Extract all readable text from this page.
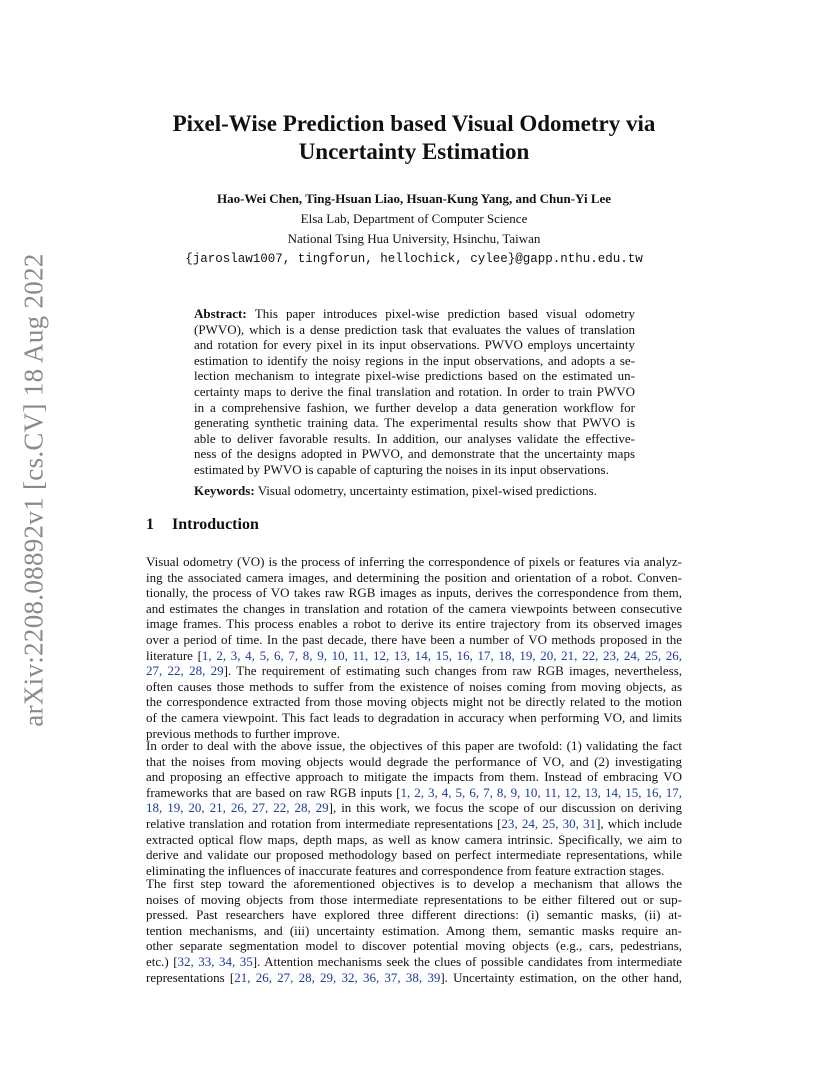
arXiv:2208.08892v1 [cs.CV] 18 Aug 2022
Pixel-Wise Prediction based Visual Odometry via
Uncertainty Estimation
Hao-Wei Chen, Ting-Hsuan Liao, Hsuan-Kung Yang, and Chun-Yi Lee
Elsa Lab, Department of Computer Science
National Tsing Hua University, Hsinchu, Taiwan
{jaroslaw1007, tingforun, hellochick, cylee}@gapp.nthu.edu.tw
Abstract: This paper introduces pixel-wise prediction based visual odometry
(PWVO), which is a dense prediction task that evaluates the values of translation
and rotation for every pixel in its input observations. PWVO employs uncertainty
estimation to identify the noisy regions in the input observations, and adopts a se-
lection mechanism to integrate pixel-wise predictions based on the estimated un-
certainty maps to derive the final translation and rotation. In order to train PWVO
in a comprehensive fashion, we further develop a data generation workflow for
generating synthetic training data. The experimental results show that PWVO is
able to deliver favorable results. In addition, our analyses validate the effective-
ness of the designs adopted in PWVO, and demonstrate that the uncertainty maps
estimated by PWVO is capable of capturing the noises in its input observations.
Keywords: Visual odometry, uncertainty estimation, pixel-wised predictions.
1 Introduction
Visual odometry (VO) is the process of inferring the correspondence of pixels or features via analyz-
ing the associated camera images, and determining the position and orientation of a robot. Conven-
tionally, the process of VO takes raw RGB images as inputs, derives the correspondence from them,
and estimates the changes in translation and rotation of the camera viewpoints between consecutive
image frames. This process enables a robot to derive its entire trajectory from its observed images
over a period of time. In the past decade, there have been a number of VO methods proposed in the
literature [1, 2, 3, 4, 5, 6, 7, 8, 9, 10, 11, 12, 13, 14, 15, 16, 17, 18, 19, 20, 21, 22, 23, 24, 25, 26,
27, 22, 28, 29]. The requirement of estimating such changes from raw RGB images, nevertheless,
often causes those methods to suffer from the existence of noises coming from moving objects, as
the correspondence extracted from those moving objects might not be directly related to the motion
of the camera viewpoint. This fact leads to degradation in accuracy when performing VO, and limits
previous methods to further improve.
In order to deal with the above issue, the objectives of this paper are twofold: (1) validating the fact
that the noises from moving objects would degrade the performance of VO, and (2) investigating
and proposing an effective approach to mitigate the impacts from them. Instead of embracing VO
frameworks that are based on raw RGB inputs [1, 2, 3, 4, 5, 6, 7, 8, 9, 10, 11, 12, 13, 14, 15, 16, 17,
18, 19, 20, 21, 26, 27, 22, 28, 29], in this work, we focus the scope of our discussion on deriving
relative translation and rotation from intermediate representations [23, 24, 25, 30, 31], which include
extracted optical flow maps, depth maps, as well as know camera intrinsic. Specifically, we aim to
derive and validate our proposed methodology based on perfect intermediate representations, while
eliminating the influences of inaccurate features and correspondence from feature extraction stages.
The first step toward the aforementioned objectives is to develop a mechanism that allows the
noises of moving objects from those intermediate representations to be either filtered out or sup-
pressed. Past researchers have explored three different directions: (i) semantic masks, (ii) at-
tention mechanisms, and (iii) uncertainty estimation. Among them, semantic masks require an-
other separate segmentation model to discover potential moving objects (e.g., cars, pedestrians,
etc.) [32, 33, 34, 35]. Attention mechanisms seek the clues of possible candidates from intermediate
representations [21, 26, 27, 28, 29, 32, 36, 37, 38, 39]. Uncertainty estimation, on the other hand,
